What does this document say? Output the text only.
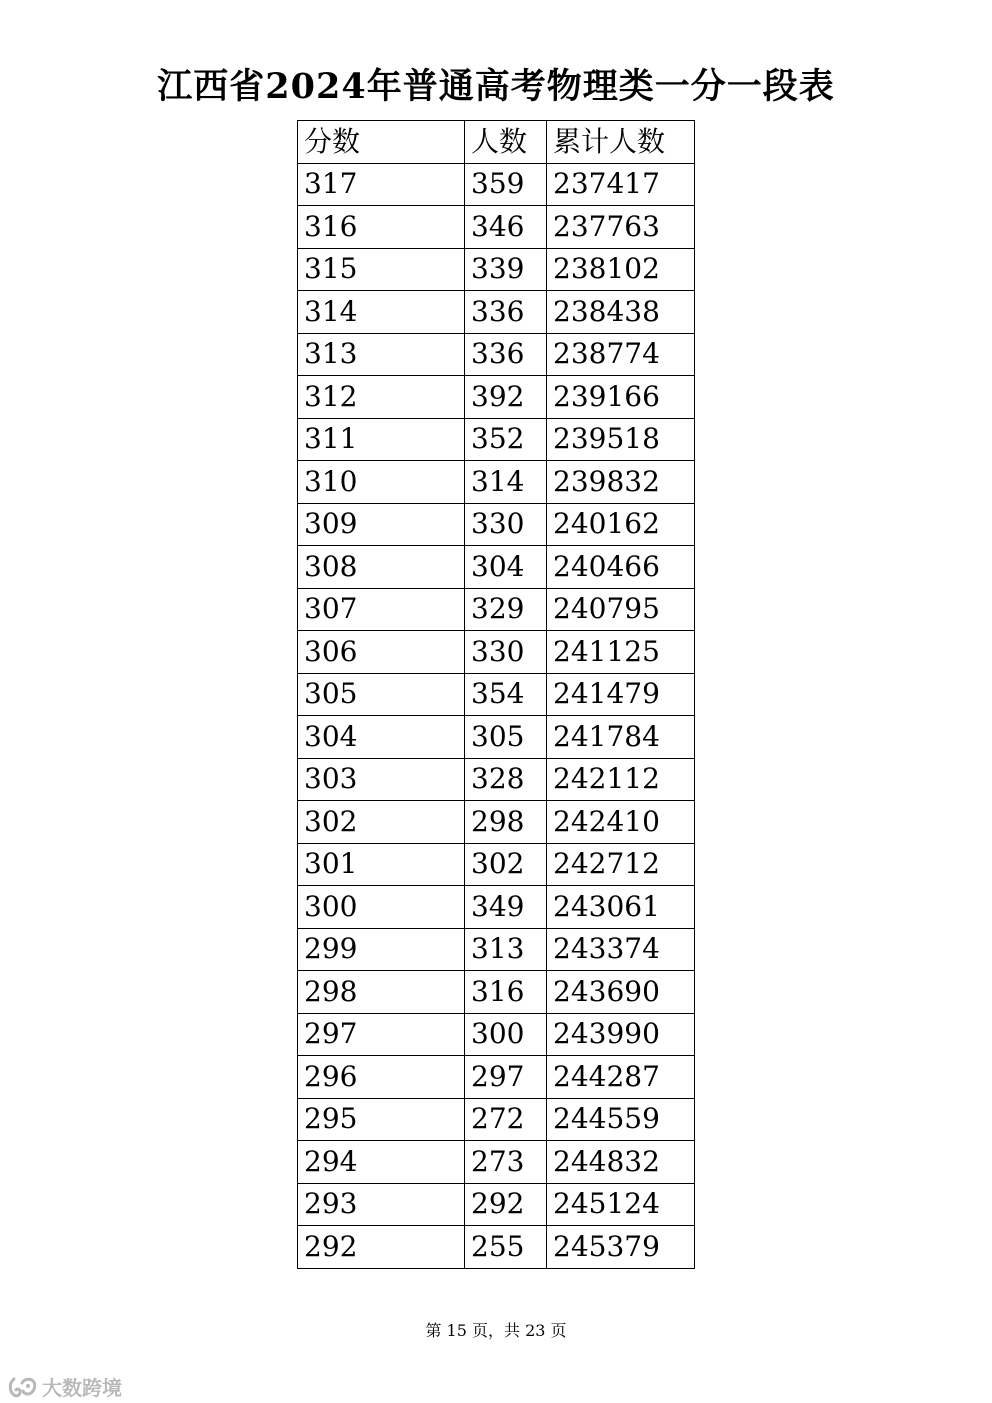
江西省2024年普通高考物理类一分一段表
分数	人数	累计人数
317	359	237417
316	346	237763
315	339	238102
314	336	238438
313	336	238774
312	392	239166
311	352	239518
310	314	239832
309	330	240162
308	304	240466
307	329	240795
306	330	241125
305	354	241479
304	305	241784
303	328	242112
302	298	242410
301	302	242712
300	349	243061
299	313	243374
298	316	243690
297	300	243990
296	297	244287
295	272	244559
294	273	244832
293	292	245124
292	255	245379
第 15 页，共 23 页
大数跨境
